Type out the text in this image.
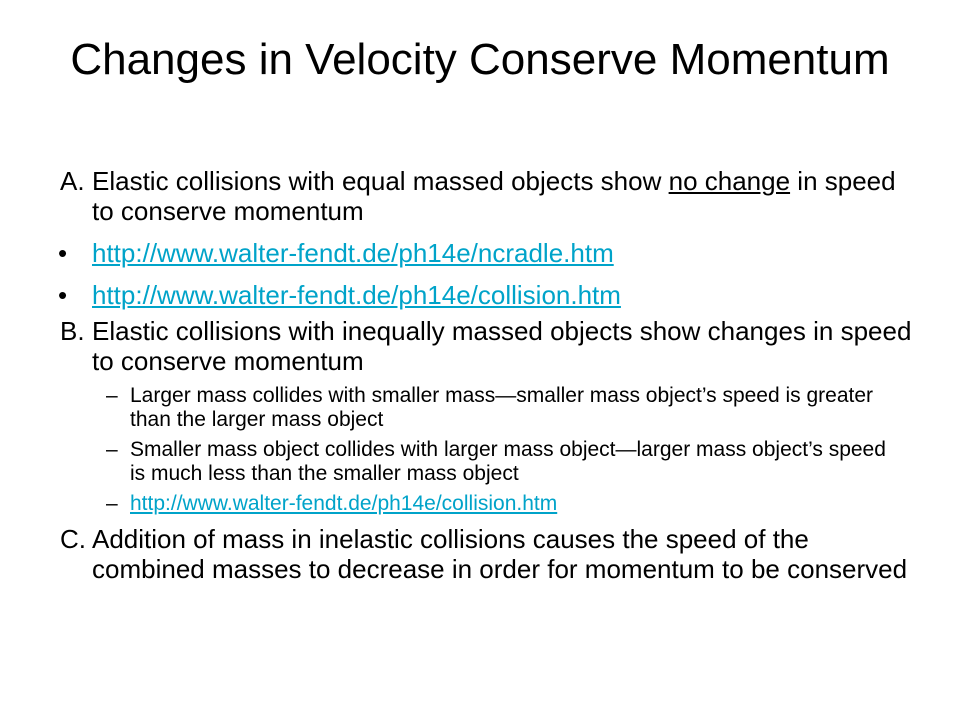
Changes in Velocity Conserve Momentum

A. Elastic collisions with equal massed objects show no change in speed to conserve momentum

• http://www.walter-fendt.de/ph14e/ncradle.htm

• http://www.walter-fendt.de/ph14e/collision.htm

B. Elastic collisions with inequally massed objects show changes in speed to conserve momentum

– Larger mass collides with smaller mass—smaller mass object’s speed is greater than the larger mass object

– Smaller mass object collides with larger mass object—larger mass object’s speed is much less than the smaller mass object

– http://www.walter-fendt.de/ph14e/collision.htm

C. Addition of mass in inelastic collisions causes the speed of the combined masses to decrease in order for momentum to be conserved
